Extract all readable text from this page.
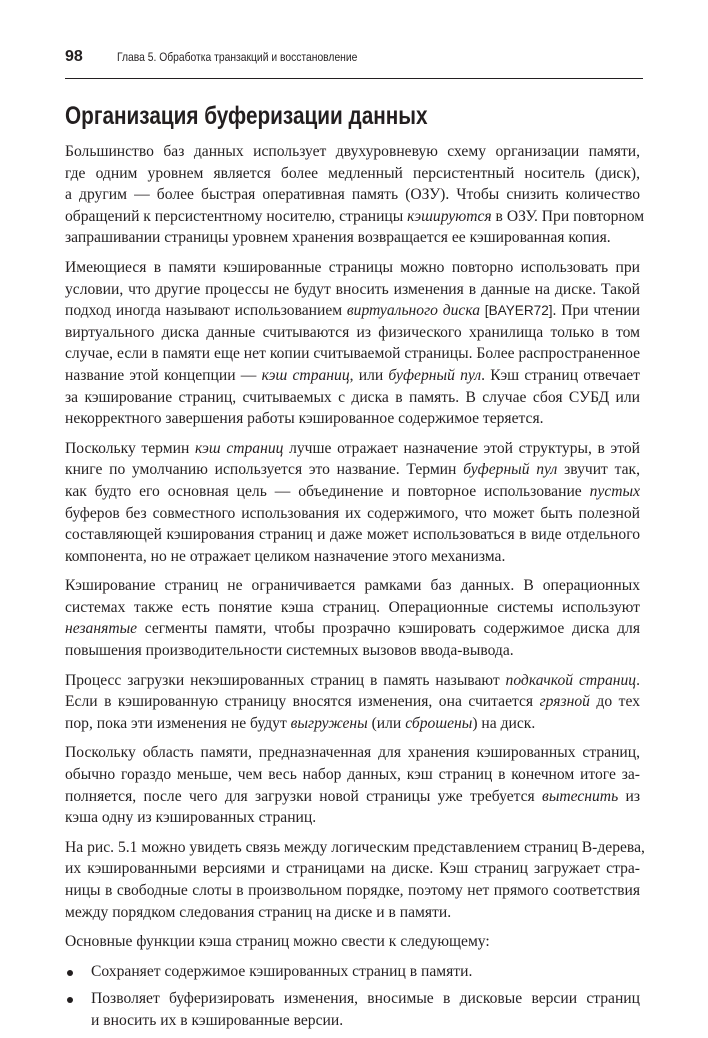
98	Глава 5. Обработка транзакций и восстановление
Организация буферизации данных

Большинство баз данных использует двухуровневую схему организации памяти,
где одним уровнем является более медленный персистентный носитель (диск),
а другим — более быстрая оперативная память (ОЗУ). Чтобы снизить количество
обращений к персистентному носителю, страницы кэшируются в ОЗУ. При повторном
запрашивании страницы уровнем хранения возвращается ее кэшированная копия.

Имеющиеся в памяти кэшированные страницы можно повторно использовать при
условии, что другие процессы не будут вносить изменения в данные на диске. Такой
подход иногда называют использованием виртуального диска [BAYER72]. При чтении
виртуального диска данные считываются из физического хранилища только в том
случае, если в памяти еще нет копии считываемой страницы. Более распространенное
название этой концепции — кэш страниц, или буферный пул. Кэш страниц отвечает
за кэширование страниц, считываемых с диска в память. В случае сбоя СУБД или
некорректного завершения работы кэшированное содержимое теряется.

Поскольку термин кэш страниц лучше отражает назначение этой структуры, в этой
книге по умолчанию используется это название. Термин буферный пул звучит так,
как будто его основная цель — объединение и повторное использование пустых
буферов без совместного использования их содержимого, что может быть полезной
составляющей кэширования страниц и даже может использоваться в виде отдельного
компонента, но не отражает целиком назначение этого механизма.

Кэширование страниц не ограничивается рамками баз данных. В операционных
системах также есть понятие кэша страниц. Операционные системы используют
незанятые сегменты памяти, чтобы прозрачно кэшировать содержимое диска для
повышения производительности системных вызовов ввода-вывода.

Процесс загрузки некэшированных страниц в память называют подкачкой страниц.
Если в кэшированную страницу вносятся изменения, она считается грязной до тех
пор, пока эти изменения не будут выгружены (или сброшены) на диск.

Поскольку область памяти, предназначенная для хранения кэшированных страниц,
обычно гораздо меньше, чем весь набор данных, кэш страниц в конечном итоге за-
полняется, после чего для загрузки новой страницы уже требуется вытеснить из
кэша одну из кэшированных страниц.

На рис. 5.1 можно увидеть связь между логическим представлением страниц B-дерева,
их кэшированными версиями и страницами на диске. Кэш страниц загружает стра-
ницы в свободные слоты в произвольном порядке, поэтому нет прямого соответствия
между порядком следования страниц на диске и в памяти.

Основные функции кэша страниц можно свести к следующему:

Сохраняет содержимое кэшированных страниц в памяти.
Позволяет буферизировать изменения, вносимые в дисковые версии страниц
и вносить их в кэшированные версии.
